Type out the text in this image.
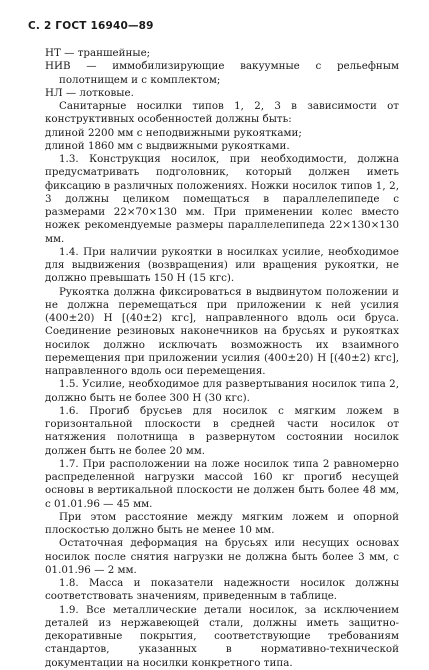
С. 2 ГОСТ 16940—89

НТ — траншейные;

НИВ — иммобилизирующие вакуумные с рельефным полотнищем и с комплектом;

НЛ — лотковые.

Санитарные носилки типов 1, 2, 3 в зависимости от конструктивных особенностей должны быть:

длиной 2200 мм с неподвижными рукоятками;

длиной 1860 мм с выдвижными рукоятками.

1.3. Конструкция носилок, при необходимости, должна предусматривать подголовник, который должен иметь фиксацию в различных положениях. Ножки носилок типов 1, 2, 3 должны целиком помещаться в параллелепипеде с размерами 22×70×130 мм. При применении колес вместо ножек рекомендуемые размеры параллелепипеда 22×130×130 мм.

1.4. При наличии рукоятки в носилках усилие, необходимое для выдвижения (возвращения) или вращения рукоятки, не должно превышать 150 Н (15 кгс).

Рукоятка должна фиксироваться в выдвинутом положении и не должна перемещаться при приложении к ней усилия (400±20) Н [(40±2) кгс], направленного вдоль оси бруса. Соединение резиновых наконечников на брусьях и рукоятках носилок должно исключать возможность их взаимного перемещения при приложении усилия (400±20) Н [(40±2) кгс], направленного вдоль оси перемещения.

1.5. Усилие, необходимое для развертывания носилок типа 2, должно быть не более 300 Н (30 кгс).

1.6. Прогиб брусьев для носилок с мягким ложем в горизонтальной плоскости в средней части носилок от натяжения полотнища в развернутом состоянии носилок должен быть не более 20 мм.

1.7. При расположении на ложе носилок типа 2 равномерно распределенной нагрузки массой 160 кг прогиб несущей основы в вертикальной плоскости не должен быть более 48 мм, с 01.01.96 — 45 мм.

При этом расстояние между мягким ложем и опорной плоскостью должно быть не менее 10 мм.

Остаточная деформация на брусьях или несущих основах носилок после снятия нагрузки не должна быть более 3 мм, с 01.01.96 — 2 мм.

1.8. Масса и показатели надежности носилок должны соответствовать значениям, приведенным в таблице.

1.9. Все металлические детали носилок, за исключением деталей из нержавеющей стали, должны иметь защитно-декоративные покрытия, соответствующие требованиям стандартов, указанных в нормативно-технической документации на носилки конкретного типа.
